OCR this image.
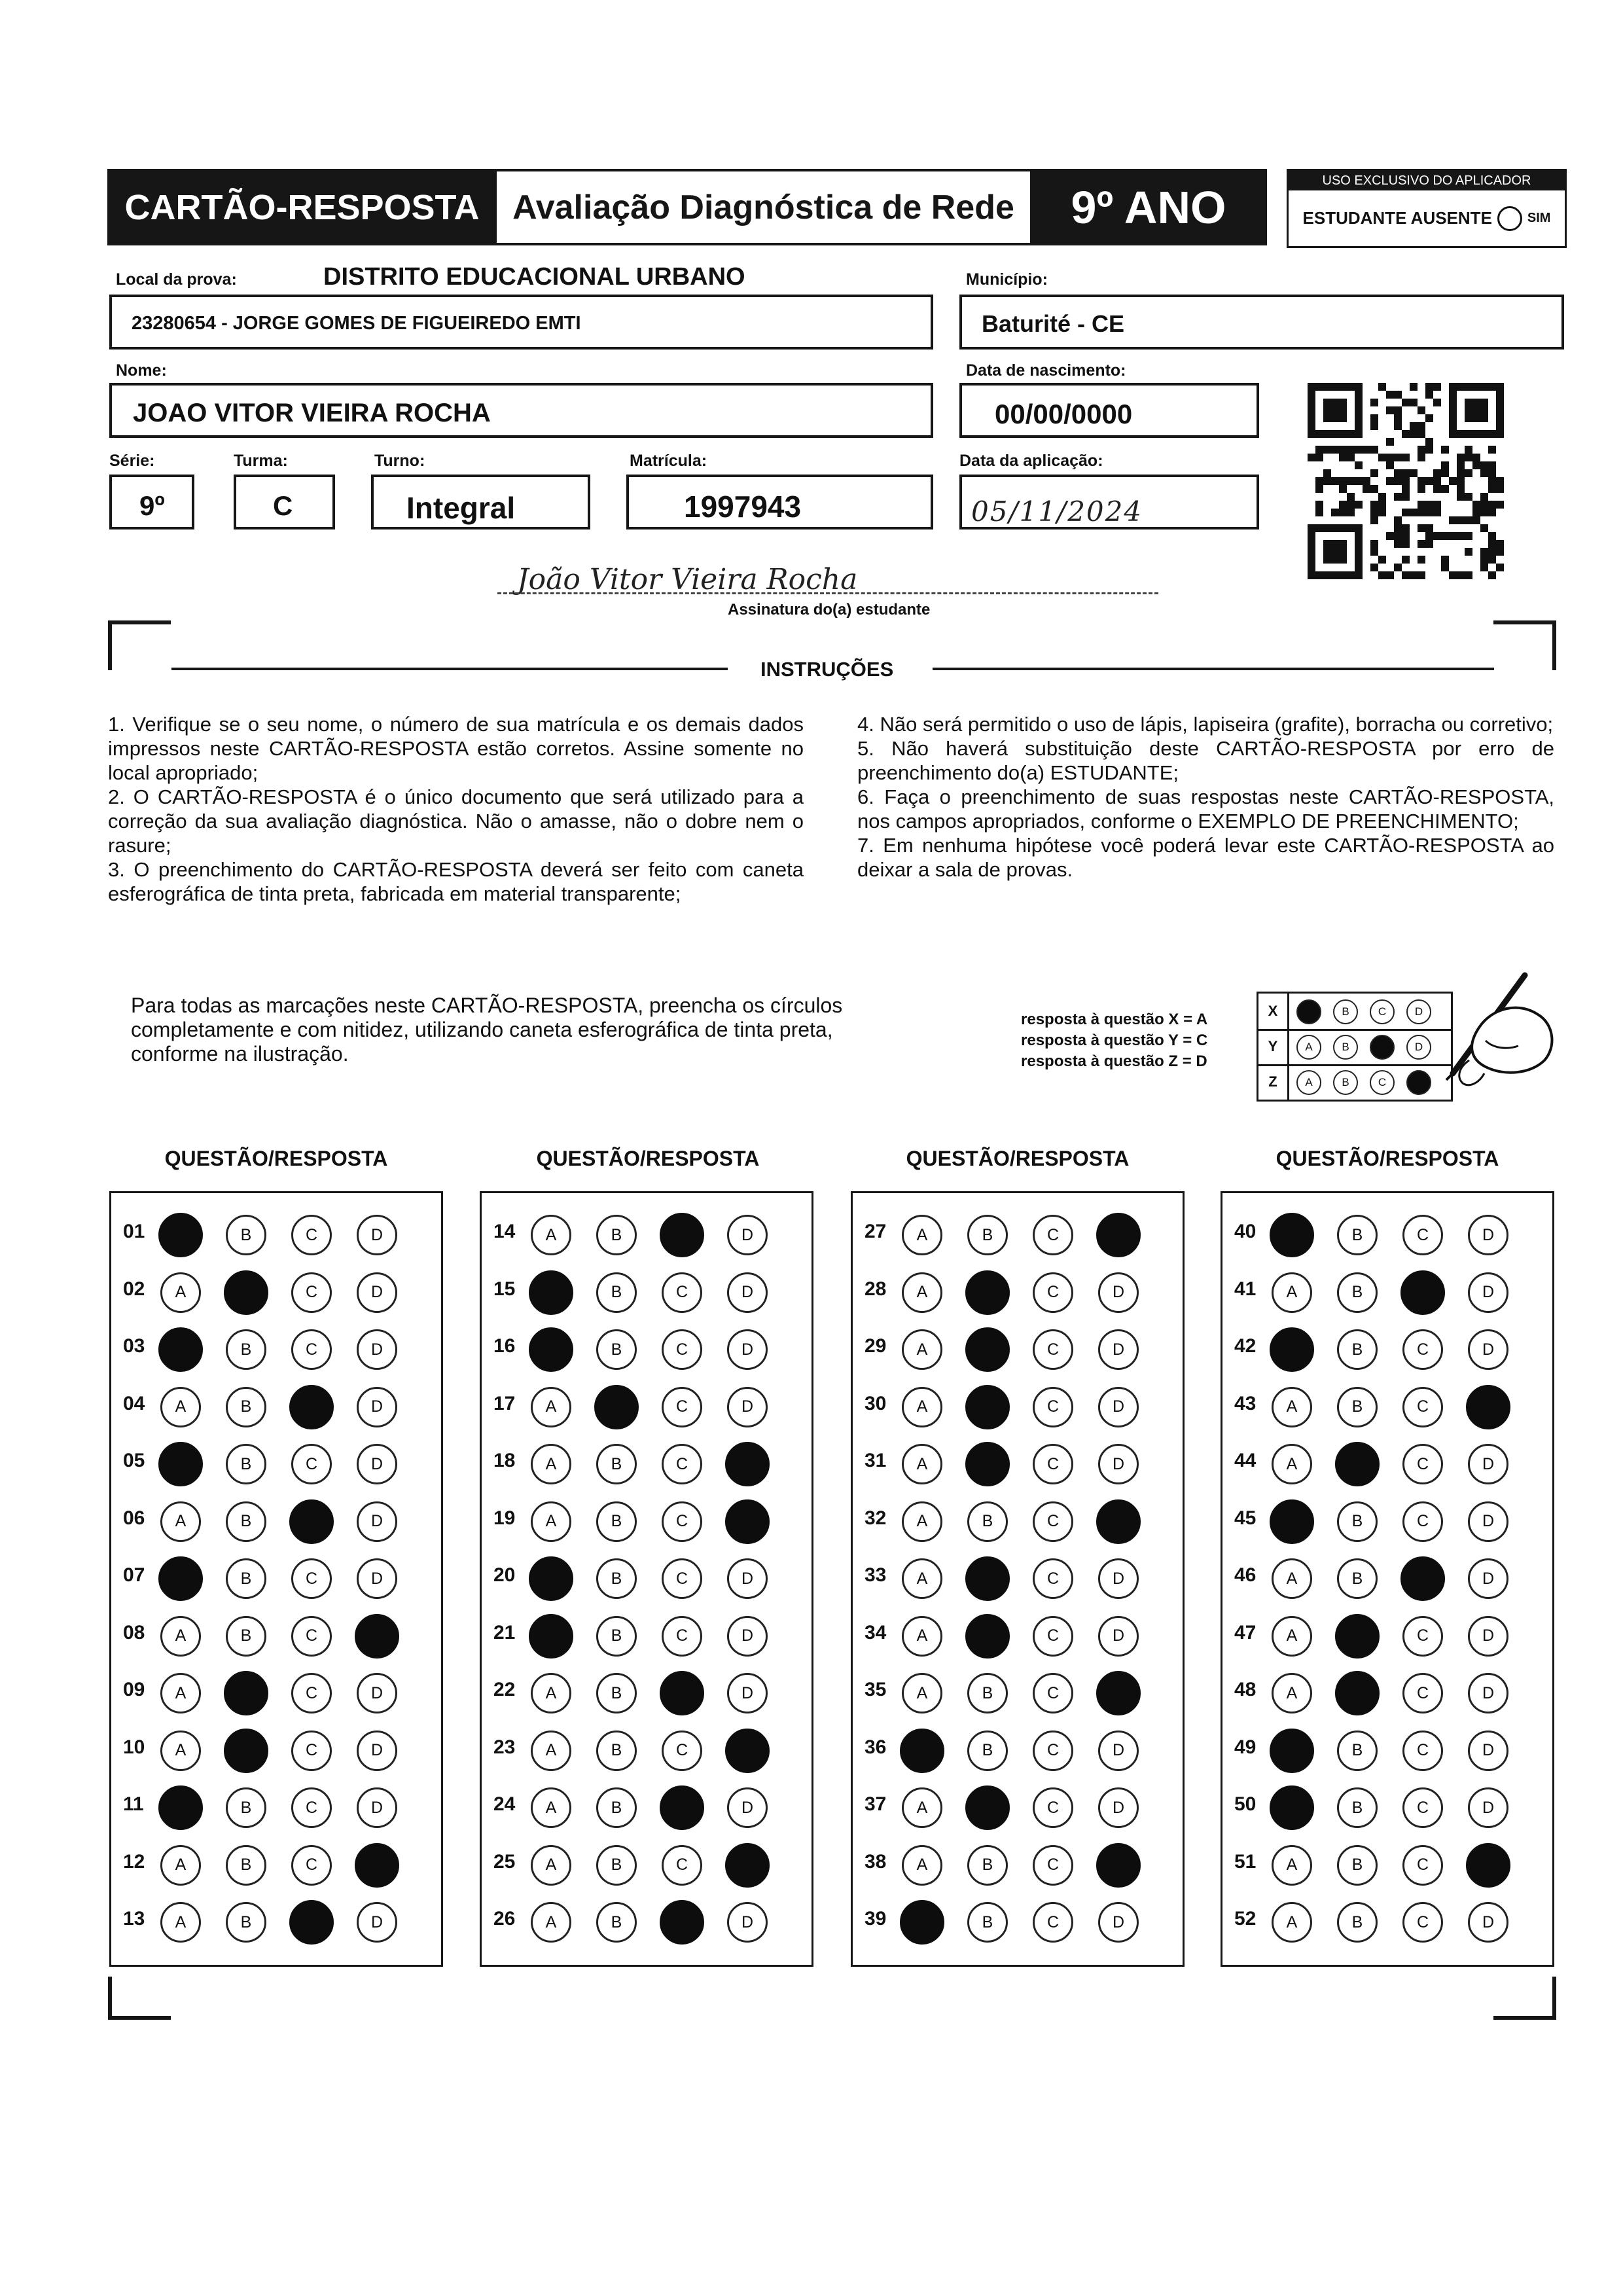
CARTÃO-RESPOSTA Avaliação Diagnóstica de Rede 9º ANO
USO EXCLUSIVO DO APLICADOR
ESTUDANTE AUSENTE	SIM
Local da prova:	DISTRITO EDUCACIONAL URBANO
23280654 - JORGE GOMES DE FIGUEIREDO EMTI
Município:
Baturité - CE
Nome:
JOAO VITOR VIEIRA ROCHA
Data de nascimento:
00/00/0000
Série:
9º
Turma:
C
Turno:
Integral
Matrícula:
1997943
Data da aplicação:
05/11/2024
João Vitor Vieira Rocha
Assinatura do(a) estudante
INSTRUÇÕES

1. Verifique se o seu nome, o número de sua matrícula e os demais dados impressos neste CARTÃO-RESPOSTA estão corretos. Assine somente no local apropriado;

2. O CARTÃO-RESPOSTA é o único documento que será utilizado para a correção da sua avaliação diagnóstica. Não o amasse, não o dobre nem o rasure;

3. O preenchimento do CARTÃO-RESPOSTA deverá ser feito com caneta esferográfica de tinta preta, fabricada em material transparente;

4. Não será permitido o uso de lápis, lapiseira (grafite), borracha ou corretivo;

5. Não haverá substituição deste CARTÃO-RESPOSTA por erro de preenchimento do(a) ESTUDANTE;

6. Faça o preenchimento de suas respostas neste CARTÃO-RESPOSTA, nos campos apropriados, conforme o EXEMPLO DE PREENCHIMENTO;

7. Em nenhuma hipótese você poderá levar este CARTÃO-RESPOSTA ao deixar a sala de provas.

Para todas as marcações neste CARTÃO-RESPOSTA, preencha os círculos completamente e com nitidez, utilizando caneta esferográfica de tinta preta, conforme na ilustração.
resposta à questão X = A
resposta à questão Y = C
resposta à questão Z = D
X	A	B	C	D
Y	A	B	C	D
Z	A	B	C	D
QUESTÃO/RESPOSTA	QUESTÃO/RESPOSTA	QUESTÃO/RESPOSTA	QUESTÃO/RESPOSTA
01	A	B	C	D
02	A	B	C	D
03	A	B	C	D
04	A	B	C	D
05	A	B	C	D
06	A	B	C	D
07	A	B	C	D
08	A	B	C	D
09	A	B	C	D
10	A	B	C	D
11	A	B	C	D
12	A	B	C	D
13	A	B	C	D
14	A	B	C	D
15	A	B	C	D
16	A	B	C	D
17	A	B	C	D
18	A	B	C	D
19	A	B	C	D
20	A	B	C	D
21	A	B	C	D
22	A	B	C	D
23	A	B	C	D
24	A	B	C	D
25	A	B	C	D
26	A	B	C	D
27	A	B	C	D
28	A	B	C	D
29	A	B	C	D
30	A	B	C	D
31	A	B	C	D
32	A	B	C	D
33	A	B	C	D
34	A	B	C	D
35	A	B	C	D
36	A	B	C	D
37	A	B	C	D
38	A	B	C	D
39	A	B	C	D
40	A	B	C	D
41	A	B	C	D
42	A	B	C	D
43	A	B	C	D
44	A	B	C	D
45	A	B	C	D
46	A	B	C	D
47	A	B	C	D
48	A	B	C	D
49	A	B	C	D
50	A	B	C	D
51	A	B	C	D
52	A	B	C	D
